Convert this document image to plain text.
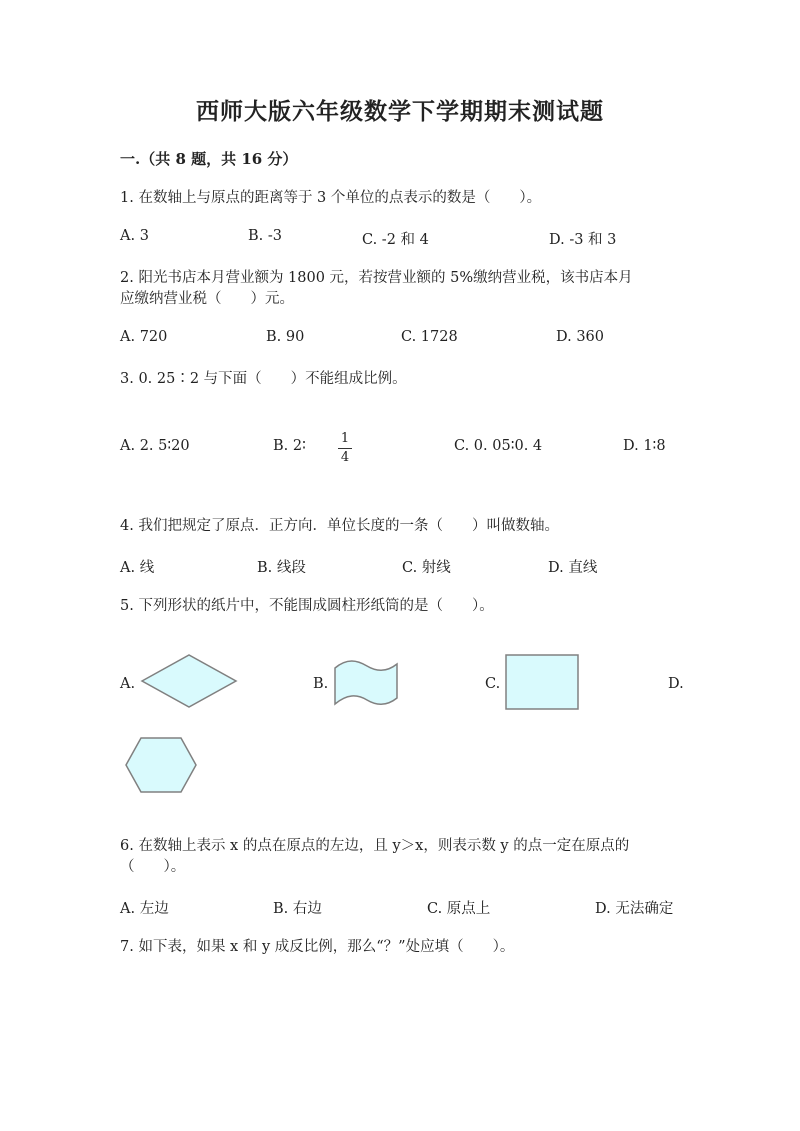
西师大版六年级数学下学期期末测试题
一.（共 8 题，共 16 分）
1. 在数轴上与原点的距离等于 3 个单位的点表示的数是（　　）。
A. 3	B. -3	C. -2 和 4	D. -3 和 3
2. 阳光书店本月营业额为 1800 元，若按营业额的 5%缴纳营业税，该书店本月
应缴纳营业税（　　）元。
A. 720	B. 90	C. 1728	D. 360
3. 0. 25∶2 与下面（　　）不能组成比例。
A. 2. 5∶20	B. 2∶	1
4
C. 0. 05∶0. 4	D. 1∶8
4. 我们把规定了原点．正方向．单位长度的一条（　　）叫做数轴。
A. 线	B. 线段	C. 射线	D. 直线
5. 下列形状的纸片中，不能围成圆柱形纸筒的是（　　）。
A.	B.	C.	D.
6. 在数轴上表示 x 的点在原点的左边，且 y＞x，则表示数 y 的点一定在原点的
（　　）。
A. 左边	B. 右边	C. 原点上	D. 无法确定
7. 如下表，如果 x 和 y 成反比例，那么“？”处应填（　　）。
